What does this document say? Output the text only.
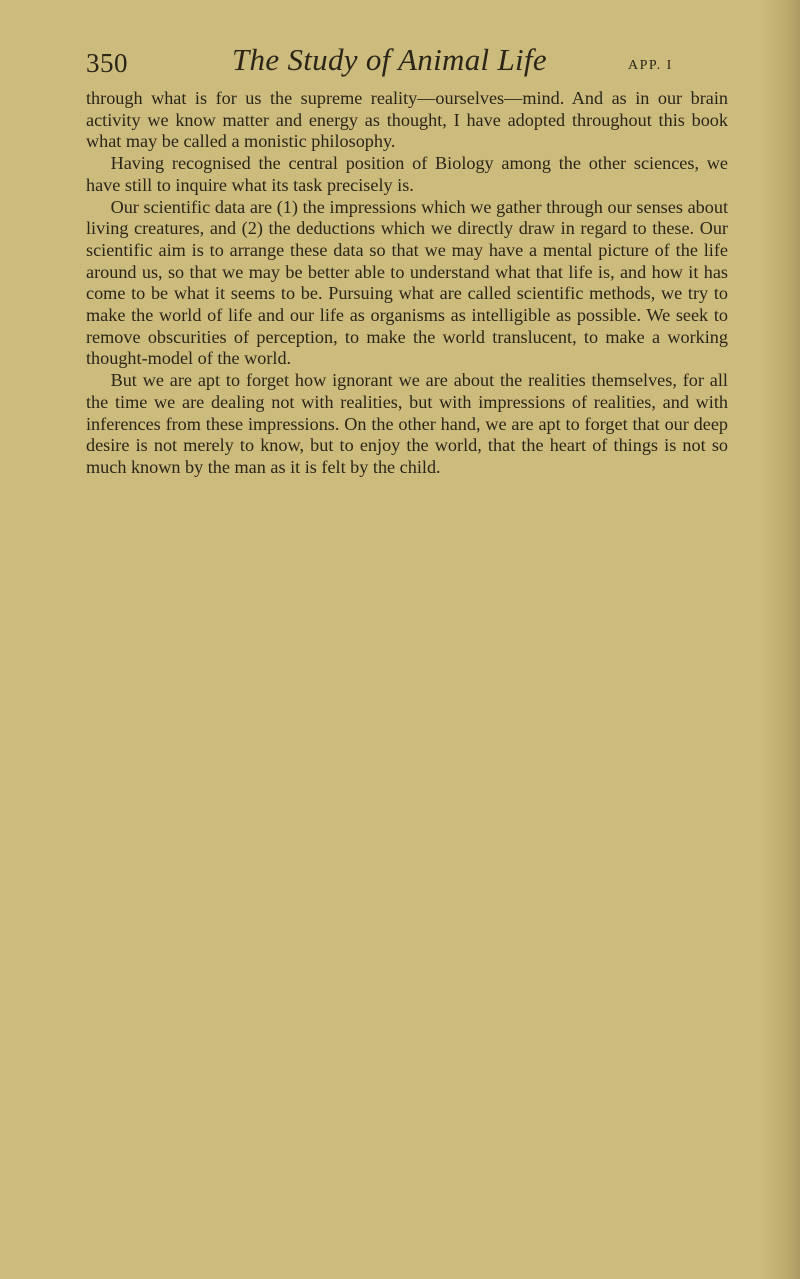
350	The Study of Animal Life	APP. I

through what is for us the supreme reality—ourselves—mind. And as in our brain activity we know matter and energy as thought, I have adopted throughout this book what may be called a monistic philosophy.

Having recognised the central position of Biology among the other sciences, we have still to inquire what its task precisely is.

Our scientific data are (1) the impressions which we gather through our senses about living creatures, and (2) the deductions which we directly draw in regard to these. Our scientific aim is to arrange these data so that we may have a mental picture of the life around us, so that we may be better able to understand what that life is, and how it has come to be what it seems to be. Pursuing what are called scientific methods, we try to make the world of life and our life as organisms as intelligible as possible. We seek to remove obscurities of perception, to make the world translucent, to make a working thought-model of the world.

But we are apt to forget how ignorant we are about the realities themselves, for all the time we are dealing not with realities, but with impressions of realities, and with inferences from these impressions. On the other hand, we are apt to forget that our deep desire is not merely to know, but to enjoy the world, that the heart of things is not so much known by the man as it is felt by the child.
